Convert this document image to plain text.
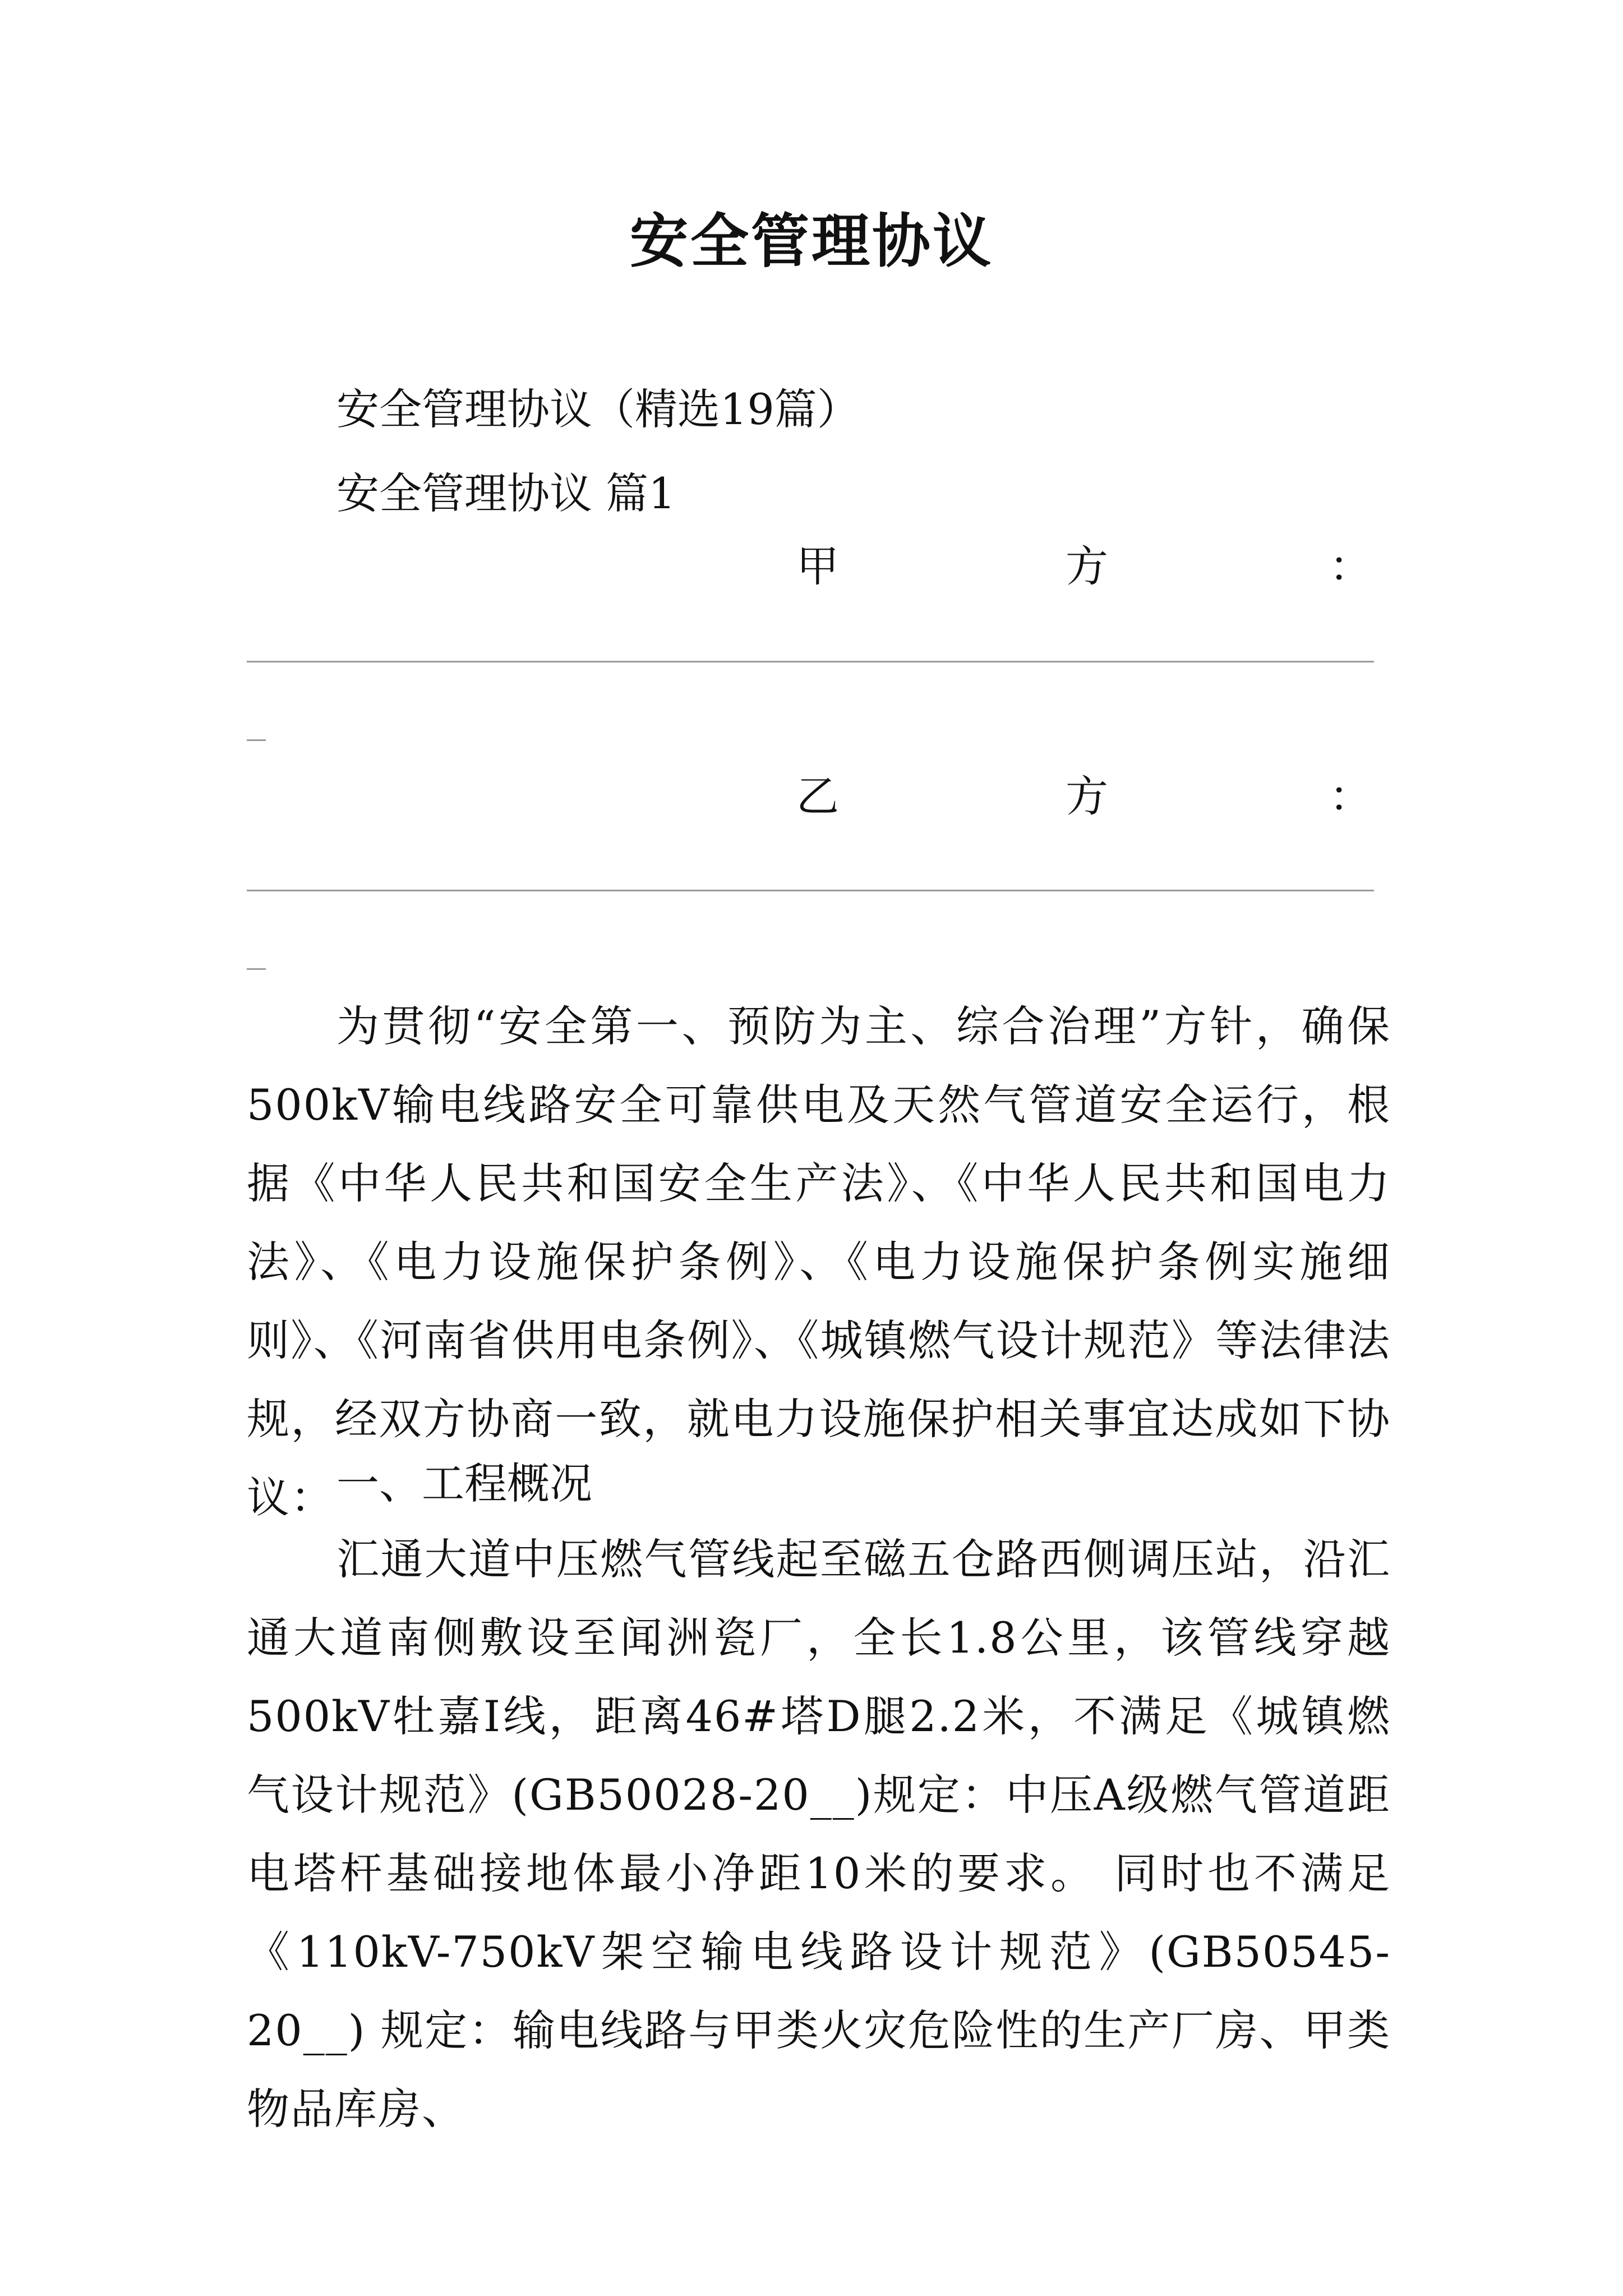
安全管理协议
安全管理协议（精选19篇）
安全管理协议 篇1
甲	方	：
乙	方	：
为贯彻“安全第一、预防为主、综合治理”方针，确保500kV输电线路安全可靠供电及天然气管道安全运行，根据《中华人民共和国安全生产法》、《中华人民共和国电力法》、《电力设施保护条例》、《电力设施保护条例实施细则》、《河南省供用电条例》、《城镇燃气设计规范》等法律法规，经双方协商一致，就电力设施保护相关事宜达成如下协议： 一、工程概况
汇通大道中压燃气管线起至磁五仓路西侧调压站，沿汇通大道南侧敷设至闻洲瓷厂，全长1.8公里，该管线穿越500kV牡嘉Ⅰ线，距离46#塔D腿2.2米，不满足《城镇燃气设计规范》(GB50028-20__)规定：中压A级燃气管道距电塔杆基础接地体最小净距10米的要求。 同时也不满足《110kV-750kV架空输电线路设计规范》(GB50545-20__) 规定：输电线路与甲类火灾危险性的生产厂房、甲类物品库房、
